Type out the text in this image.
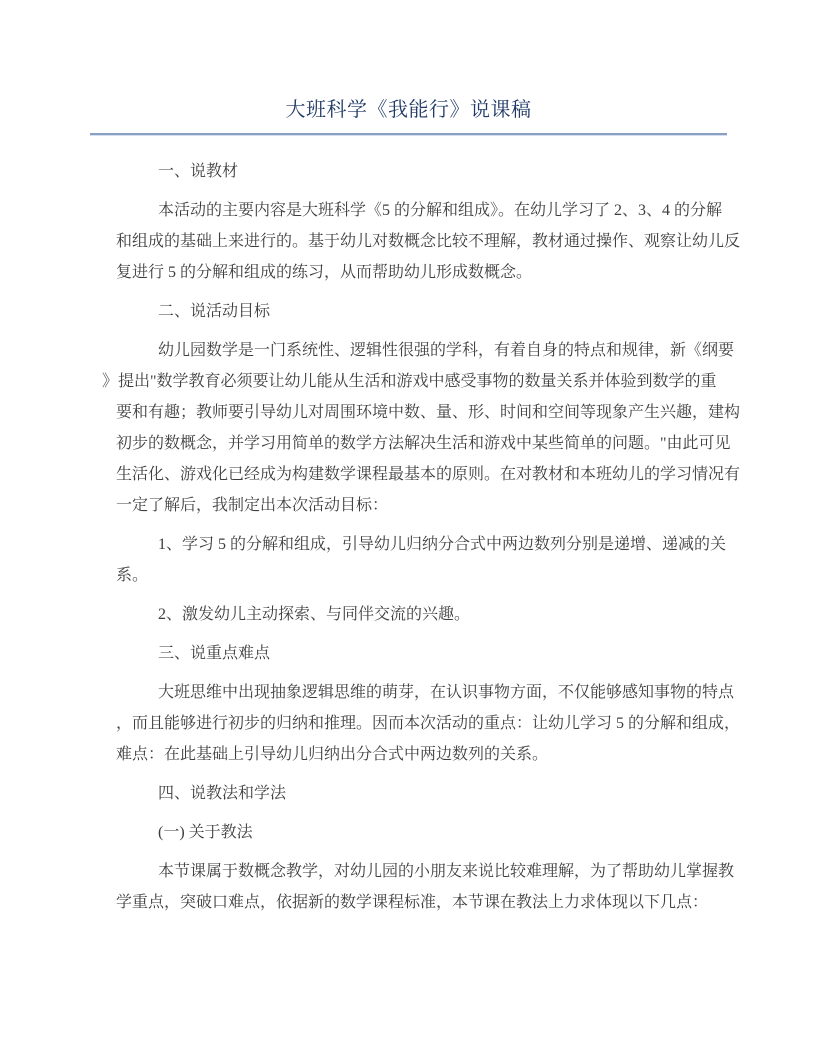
大班科学《我能行》说课稿
一、说教材
本活动的主要内容是大班科学《5 的分解和组成》。在幼儿学习了 2、3、4 的分解
和组成的基础上来进行的。基于幼儿对数概念比较不理解，教材通过操作、观察让幼儿反
复进行 5 的分解和组成的练习，从而帮助幼儿形成数概念。
二、说活动目标
幼儿园数学是一门系统性、逻辑性很强的学科，有着自身的特点和规律，新《纲要
》提出"数学教育必须要让幼儿能从生活和游戏中感受事物的数量关系并体验到数学的重
要和有趣；教师要引导幼儿对周围环境中数、量、形、时间和空间等现象产生兴趣，建构
初步的数概念，并学习用简单的数学方法解决生活和游戏中某些简单的问题。"由此可见
生活化、游戏化已经成为构建数学课程最基本的原则。在对教材和本班幼儿的学习情况有
一定了解后，我制定出本次活动目标：
1、学习 5 的分解和组成，引导幼儿归纳分合式中两边数列分别是递增、递减的关
系。
2、激发幼儿主动探索、与同伴交流的兴趣。
三、说重点难点
大班思维中出现抽象逻辑思维的萌芽，在认识事物方面，不仅能够感知事物的特点
，而且能够进行初步的归纳和推理。因而本次活动的重点：让幼儿学习 5 的分解和组成，
难点：在此基础上引导幼儿归纳出分合式中两边数列的关系。
四、说教法和学法
(一) 关于教法
本节课属于数概念教学，对幼儿园的小朋友来说比较难理解，为了帮助幼儿掌握教
学重点，突破口难点，依据新的数学课程标准，本节课在教法上力求体现以下几点：
